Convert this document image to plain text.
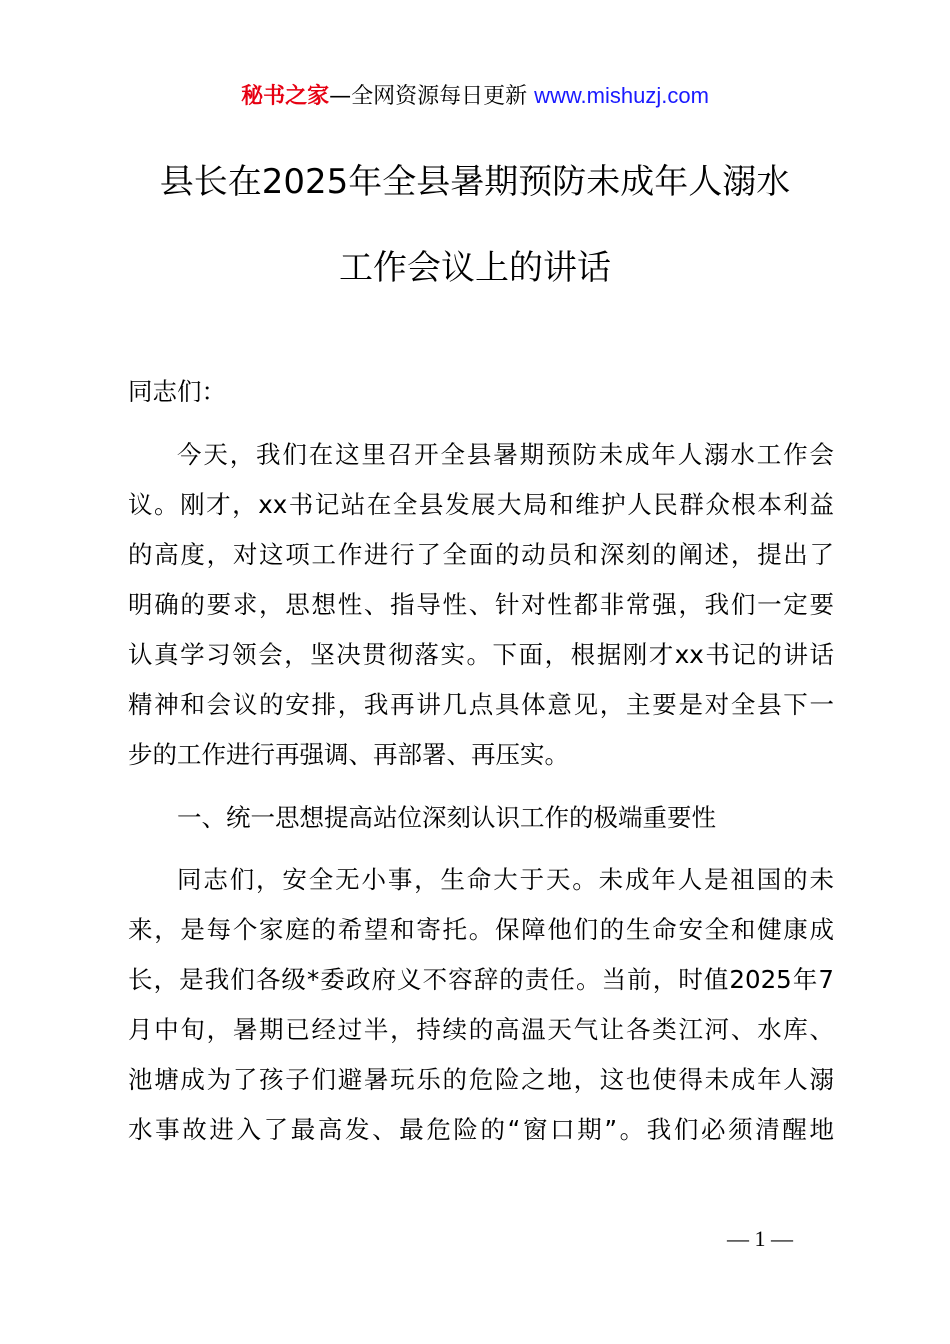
秘书之家—全网资源每日更新 www.mishuzj.com
县长在2025年全县暑期预防未成年人溺水
工作会议上的讲话
同志们：
今天，我们在这里召开全县暑期预防未成年人溺水工作会
议。刚才，xx书记站在全县发展大局和维护人民群众根本利益
的高度，对这项工作进行了全面的动员和深刻的阐述，提出了
明确的要求，思想性、指导性、针对性都非常强，我们一定要
认真学习领会，坚决贯彻落实。下面，根据刚才xx书记的讲话
精神和会议的安排，我再讲几点具体意见，主要是对全县下一
步的工作进行再强调、再部署、再压实。
一、统一思想提高站位深刻认识工作的极端重要性
同志们，安全无小事，生命大于天。未成年人是祖国的未
来，是每个家庭的希望和寄托。保障他们的生命安全和健康成
长，是我们各级*委政府义不容辞的责任。当前，时值2025年7
月中旬，暑期已经过半，持续的高温天气让各类江河、水库、
池塘成为了孩子们避暑玩乐的危险之地，这也使得未成年人溺
水事故进入了最高发、最危险的“窗口期”。我们必须清醒地
— 1 —
